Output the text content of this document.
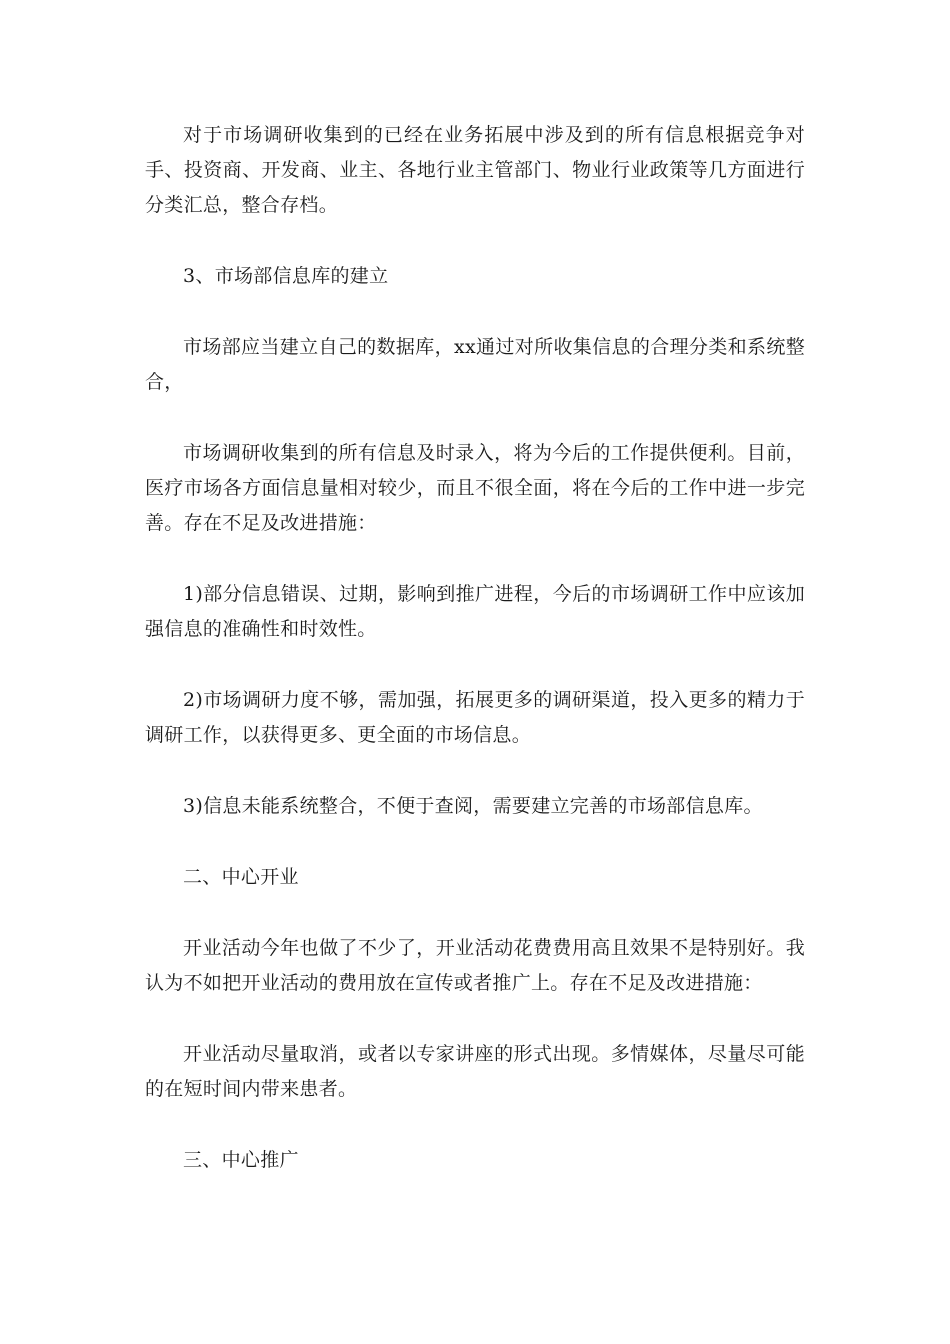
对于市场调研收集到的已经在业务拓展中涉及到的所有信息根据竞争对手、投资商、开发商、业主、各地行业主管部门、物业行业政策等几方面进行分类汇总，整合存档。

3、市场部信息库的建立

市场部应当建立自己的数据库，xx通过对所收集信息的合理分类和系统整合，

市场调研收集到的所有信息及时录入，将为今后的工作提供便利。目前，医疗市场各方面信息量相对较少，而且不很全面，将在今后的工作中进一步完善。存在不足及改进措施：

1)部分信息错误、过期，影响到推广进程，今后的市场调研工作中应该加强信息的准确性和时效性。

2)市场调研力度不够，需加强，拓展更多的调研渠道，投入更多的精力于调研工作，以获得更多、更全面的市场信息。

3)信息未能系统整合，不便于查阅，需要建立完善的市场部信息库。

二、中心开业

开业活动今年也做了不少了，开业活动花费费用高且效果不是特别好。我认为不如把开业活动的费用放在宣传或者推广上。存在不足及改进措施：

开业活动尽量取消，或者以专家讲座的形式出现。多情媒体，尽量尽可能的在短时间内带来患者。

三、中心推广
